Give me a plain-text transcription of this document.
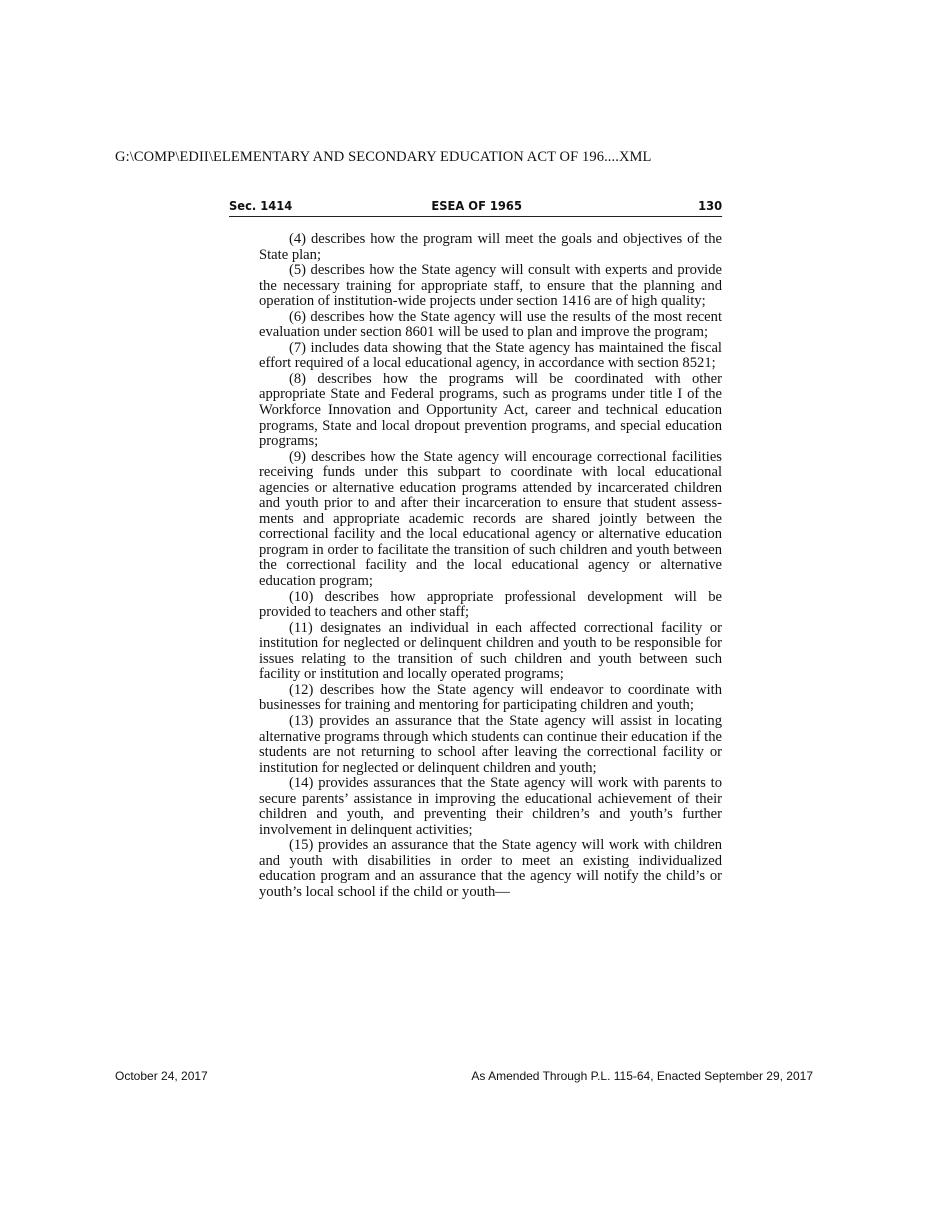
G:\COMP\EDII\ELEMENTARY AND SECONDARY EDUCATION ACT OF 196....XML
Sec. 1414	ESEA OF 1965	130

(4) describes how the program will meet the goals and objectives of the State plan;

(5) describes how the State agency will consult with experts and provide the necessary training for appropriate staff, to ensure that the planning and operation of institution-wide projects under section 1416 are of high quality;

(6) describes how the State agency will use the results of the most recent evaluation under section 8601 will be used to plan and improve the program;

(7) includes data showing that the State agency has maintained the fiscal effort required of a local educational agency, in accordance with section 8521;

(8) describes how the programs will be coordinated with other appropriate State and Federal programs, such as programs under title I of the Workforce Innovation and Opportunity Act, career and technical education programs, State and local dropout prevention programs, and special education programs;

(9) describes how the State agency will encourage correctional facilities receiving funds under this subpart to coordinate with local educational agencies or alternative education programs attended by incarcerated children and youth prior to and after their incarceration to ensure that student assessments and appropriate academic records are shared jointly between the correctional facility and the local educational agency or alternative education program in order to facilitate the transition of such children and youth between the correctional facility and the local educational agency or alternative education program;

(10) describes how appropriate professional development will be provided to teachers and other staff;

(11) designates an individual in each affected correctional facility or institution for neglected or delinquent children and youth to be responsible for issues relating to the transition of such children and youth between such facility or institution and locally operated programs;

(12) describes how the State agency will endeavor to coordinate with businesses for training and mentoring for participating children and youth;

(13) provides an assurance that the State agency will assist in locating alternative programs through which students can continue their education if the students are not returning to school after leaving the correctional facility or institution for neglected or delinquent children and youth;

(14) provides assurances that the State agency will work with parents to secure parents’ assistance in improving the educational achievement of their children and youth, and preventing their children’s and youth’s further involvement in delinquent activities;

(15) provides an assurance that the State agency will work with children and youth with disabilities in order to meet an existing individualized education program and an assurance that the agency will notify the child’s or youth’s local school if the child or youth—

October 24, 2017	As Amended Through P.L. 115-64, Enacted September 29, 2017
